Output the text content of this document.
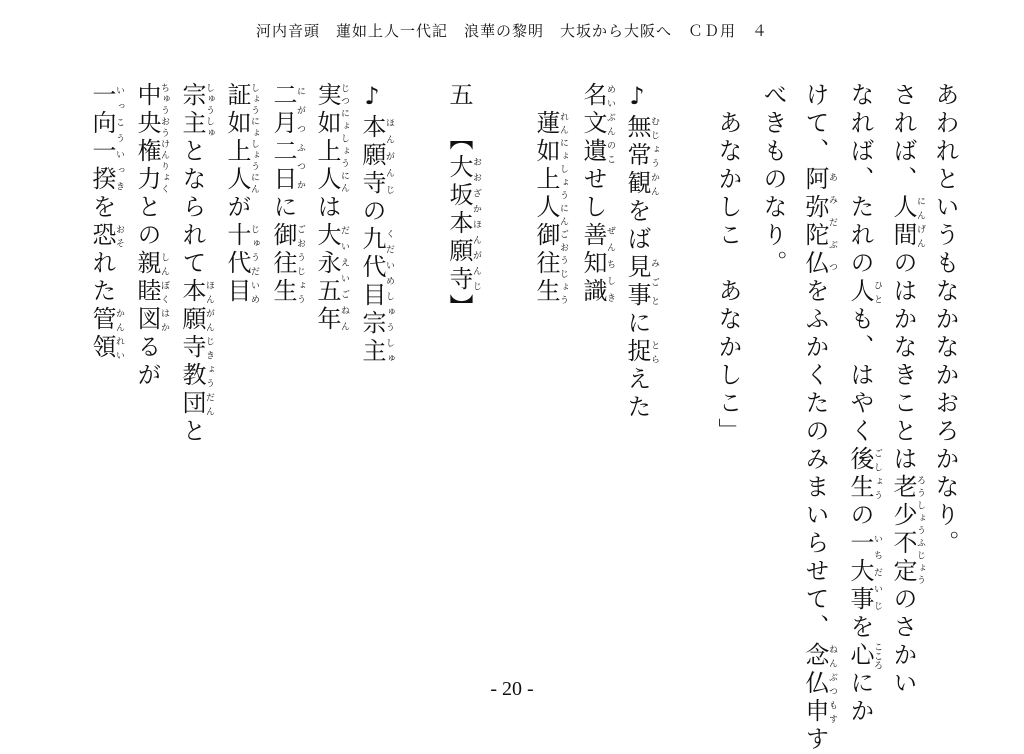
河内音頭　蓮如上人一代記　浪華の黎明　大坂から大阪へ　ＣＤ用　４
あわれというもなかなかおろかなり。
されば、人間にんげんのはかなきことは老少不定ろうしょうふじょうのさかい
なれば、たれの人ひとも、はやく後生ごしょうの一大事いちだいじを心こころにか
けて、阿弥陀仏あみだぶつをふかくたのみまいらせて、念仏申ねんぶつもすす
べきものなり。
　あなかしこ　あなかしこ」
♪無常観むじょうかんをば見事みごとに捉とらえた
名文遺めいぶんのこせし善知識ぜんちしき
　蓮如上人御往生れんにょしょうにんごおうじょう
五　【大坂本願寺おおざかほんがんじ】
♪本願寺ほんがんじの九代目宗主くだいめしゅうしゅ
実如上人じつにょしょうにんは大永五年だいえいごねん
二月二日にがつふつかに御往生ごおうじょう
証如上人しょうにょしょうにんが十代目じゅうだいめ
宗主しゅうしゅとなられて本願寺教団ほんがんじきょうだんと
中央権力ちゅうおうけんりょくとの親睦図しんぼくはかるが
一向一揆いっこういっきを恐おそれた管領かんれい
- 20 -
